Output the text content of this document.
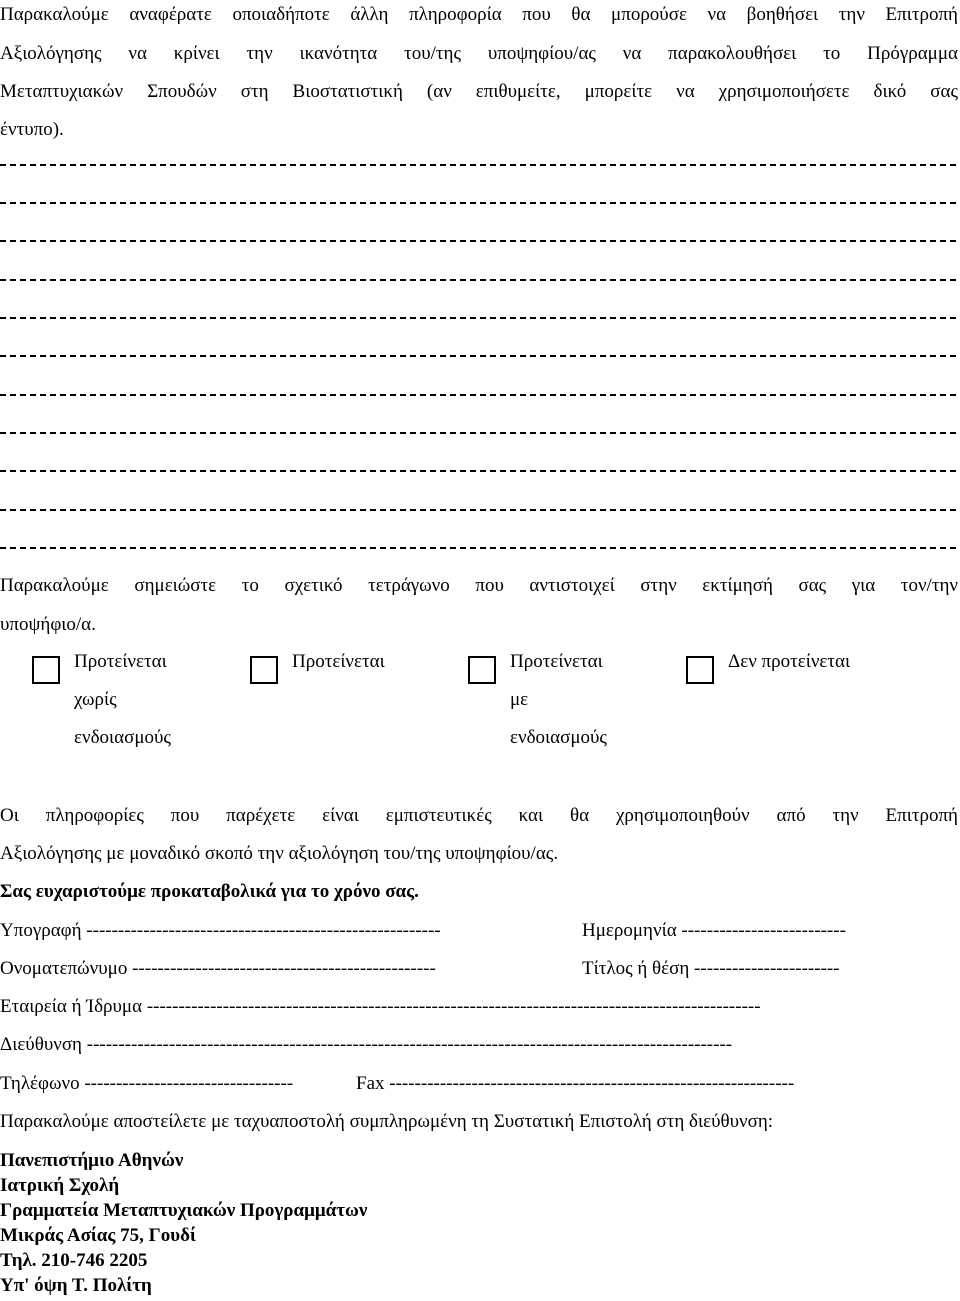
Παρακαλούμε αναφέρατε οποιαδήποτε άλλη πληροφορία που θα μπορούσε να βοηθήσει την Επιτροπή
Αξιολόγησης να κρίνει την ικανότητα του/της υποψηφίου/ας να παρακολουθήσει το Πρόγραμμα
Μεταπτυχιακών Σπουδών στη Βιοστατιστική (αν επιθυμείτε, μπορείτε να χρησιμοποιήσετε δικό σας
έντυπο).
Παρακαλούμε σημειώστε το σχετικό τετράγωνο που αντιστοιχεί στην εκτίμησή σας για τον/την
υποψήφιο/α.
Προτείνεται
χωρίς
ενδοιασμούς
Προτείνεται	Προτείνεται
με
ενδοιασμούς
Δεν προτείνεται
Οι πληροφορίες που παρέχετε είναι εμπιστευτικές και θα χρησιμοποιηθούν από την Επιτροπή
Αξιολόγησης με μοναδικό σκοπό την αξιολόγηση του/της υποψηφίου/ας.
Σας ευχαριστούμε προκαταβολικά για το χρόνο σας.
Υπογραφή --------------------------------------------------------	Ημερομηνία --------------------------
Ονοματεπώνυμο ------------------------------------------------	Τίτλος ή θέση -----------------------
Εταιρεία ή Ίδρυμα -------------------------------------------------------------------------------------------------
Διεύθυνση ------------------------------------------------------------------------------------------------------
Τηλέφωνο ---------------------------------	Fax ----------------------------------------------------------------
Παρακαλούμε αποστείλετε με ταχυαποστολή συμπληρωμένη τη Συστατική Επιστολή στη διεύθυνση:
Πανεπιστήμιο Αθηνών
Ιατρική Σχολή
Γραμματεία Μεταπτυχιακών Προγραμμάτων
Μικράς Ασίας 75, Γουδί
Τηλ. 210-746 2205
Υπ' όψη Τ. Πολίτη
